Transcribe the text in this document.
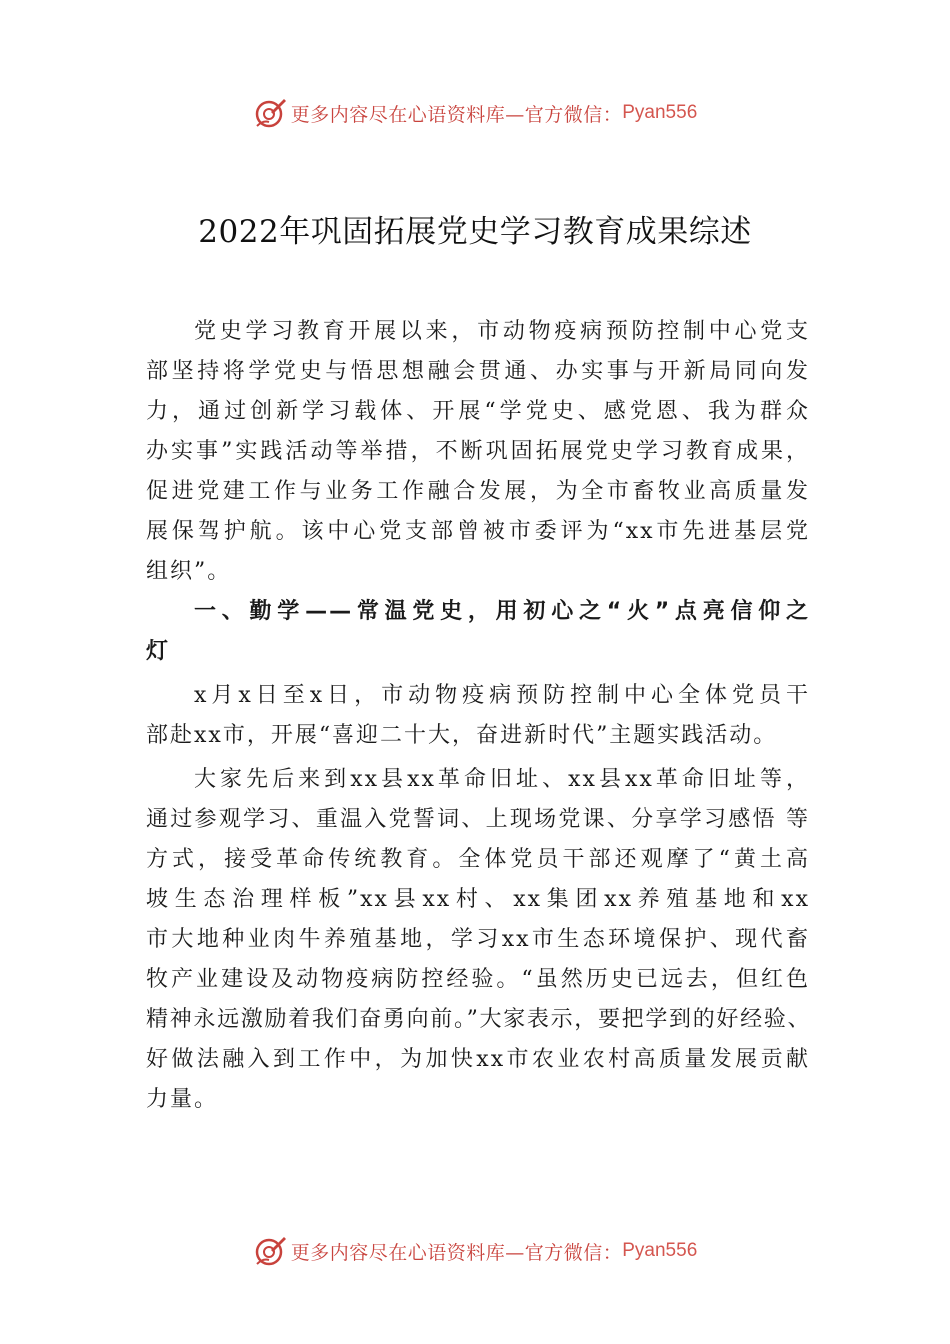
更多内容尽在心语资料库—官方微信： Pyan556
2022年巩固拓展党史学习教育成果综述
党史学习教育开展以来，市动物疫病预防控制中心党支
部坚持将学党史与悟思想融会贯通、办实事与开新局同向发
力，通过创新学习载体、开展“学党史、感党恩、我为群众
办实事”实践活动等举措，不断巩固拓展党史学习教育成果，
促进党建工作与业务工作融合发展，为全市畜牧业高质量发
展保驾护航。该中心党支部曾被市委评为“xx市先进基层党
组织”。
一、勤学——常温党史，用初心之“火”点亮信仰之
灯
x月x日至x日，市动物疫病预防控制中心全体党员干
部赴xx市，开展“喜迎二十大，奋进新时代”主题实践活动。
大家先后来到xx县xx革命旧址、xx县xx革命旧址等，
通过参观学习、重温入党誓词、上现场党课、分享学习感悟 等
方式，接受革命传统教育。全体党员干部还观摩了“黄土高
坡生态治理样板”xx县xx村、xx集团xx养殖基地和xx
市大地种业肉牛养殖基地，学习xx市生态环境保护、现代畜
牧产业建设及动物疫病防控经验。“虽然历史已远去，但红色
精神永远激励着我们奋勇向前。”大家表示，要把学到的好经验、
好做法融入到工作中，为加快xx市农业农村高质量发展贡献
力量。
更多内容尽在心语资料库—官方微信： Pyan556
